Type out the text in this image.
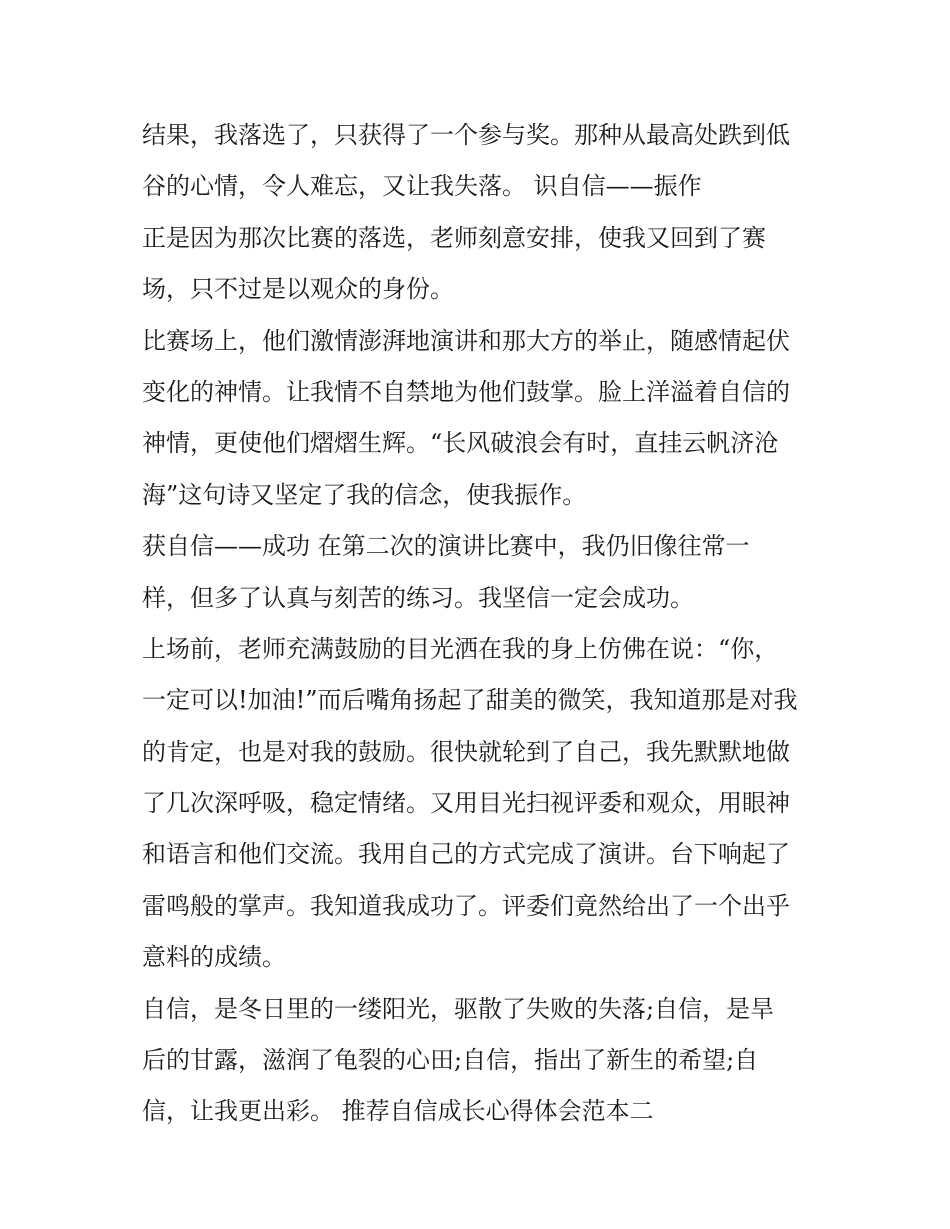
结果，我落选了，只获得了一个参与奖。那种从最高处跌到低
谷的心情，令人难忘，又让我失落。 识自信——振作
正是因为那次比赛的落选，老师刻意安排，使我又回到了赛
场，只不过是以观众的身份。
比赛场上，他们激情澎湃地演讲和那大方的举止，随感情起伏
变化的神情。让我情不自禁地为他们鼓掌。脸上洋溢着自信的
神情，更使他们熠熠生辉。“长风破浪会有时，直挂云帆济沧
海”这句诗又坚定了我的信念，使我振作。
获自信——成功 在第二次的演讲比赛中，我仍旧像往常一
样，但多了认真与刻苦的练习。我坚信一定会成功。
上场前，老师充满鼓励的目光洒在我的身上仿佛在说：“你，
一定可以!加油!”而后嘴角扬起了甜美的微笑，我知道那是对我
的肯定，也是对我的鼓励。很快就轮到了自己，我先默默地做
了几次深呼吸，稳定情绪。又用目光扫视评委和观众，用眼神
和语言和他们交流。我用自己的方式完成了演讲。台下响起了
雷鸣般的掌声。我知道我成功了。评委们竟然给出了一个出乎
意料的成绩。
自信，是冬日里的一缕阳光，驱散了失败的失落;自信，是旱
后的甘露，滋润了龟裂的心田;自信，指出了新生的希望;自
信，让我更出彩。 推荐自信成长心得体会范本二
